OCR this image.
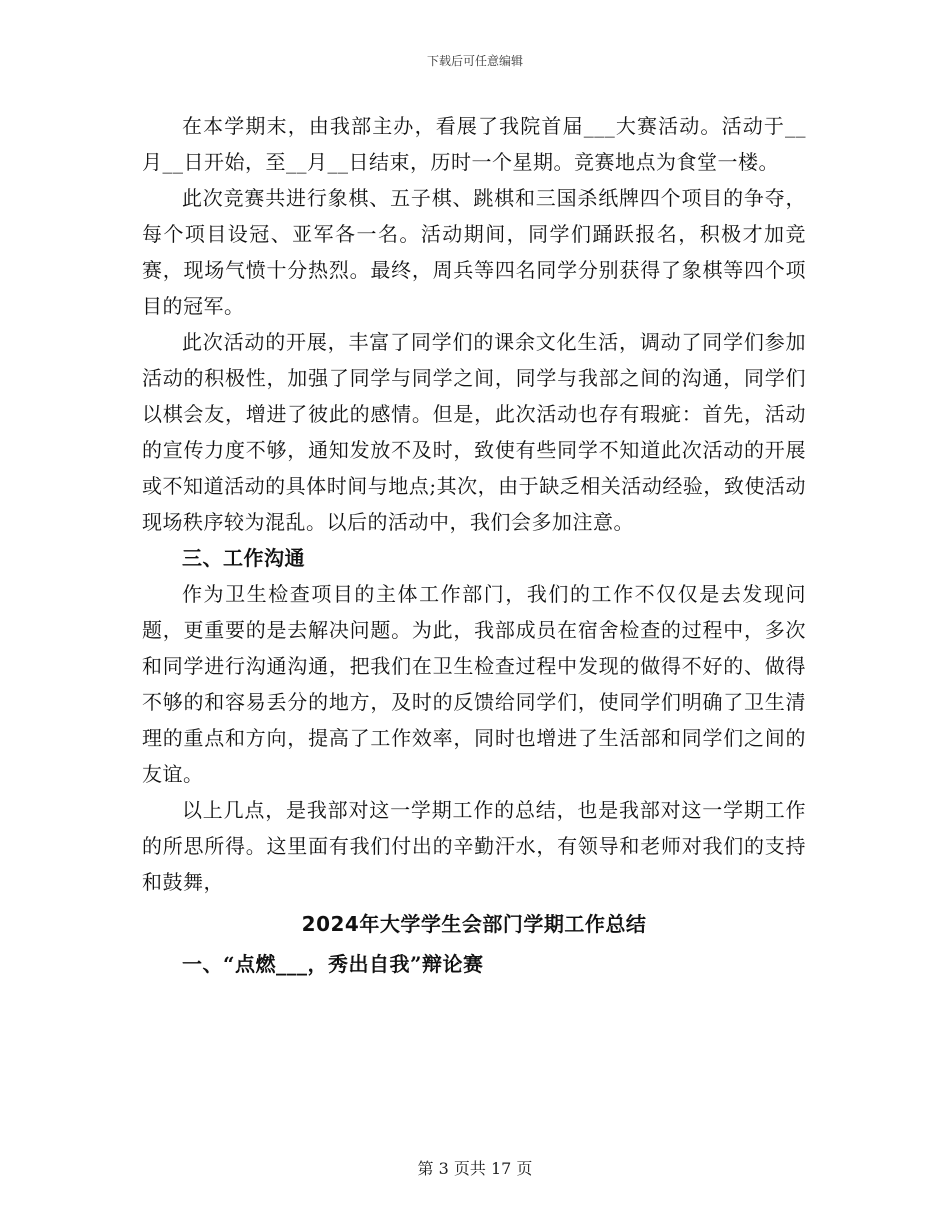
下载后可任意编辑

在本学期末，由我部主办，看展了我院首届___大赛活动。活动于__月__日开始，至__月__日结束，历时一个星期。竞赛地点为食堂一楼。

此次竞赛共进行象棋、五子棋、跳棋和三国杀纸牌四个项目的争夺，每个项目设冠、亚军各一名。活动期间，同学们踊跃报名，积极才加竞赛，现场气愤十分热烈。最终，周兵等四名同学分别获得了象棋等四个项目的冠军。

此次活动的开展，丰富了同学们的课余文化生活，调动了同学们参加活动的积极性，加强了同学与同学之间，同学与我部之间的沟通，同学们以棋会友，增进了彼此的感情。但是，此次活动也存有瑕疵：首先，活动的宣传力度不够，通知发放不及时，致使有些同学不知道此次活动的开展或不知道活动的具体时间与地点;其次，由于缺乏相关活动经验，致使活动现场秩序较为混乱。以后的活动中，我们会多加注意。

三、工作沟通

作为卫生检查项目的主体工作部门，我们的工作不仅仅是去发现问题，更重要的是去解决问题。为此，我部成员在宿舍检查的过程中，多次和同学进行沟通沟通，把我们在卫生检查过程中发现的做得不好的、做得不够的和容易丢分的地方，及时的反馈给同学们，使同学们明确了卫生清理的重点和方向，提高了工作效率，同时也增进了生活部和同学们之间的友谊。

以上几点，是我部对这一学期工作的总结，也是我部对这一学期工作的所思所得。这里面有我们付出的辛勤汗水，有领导和老师对我们的支持和鼓舞，

2024年大学学生会部门学期工作总结
一、“点燃___，秀出自我”辩论赛
第 3 页共 17 页
